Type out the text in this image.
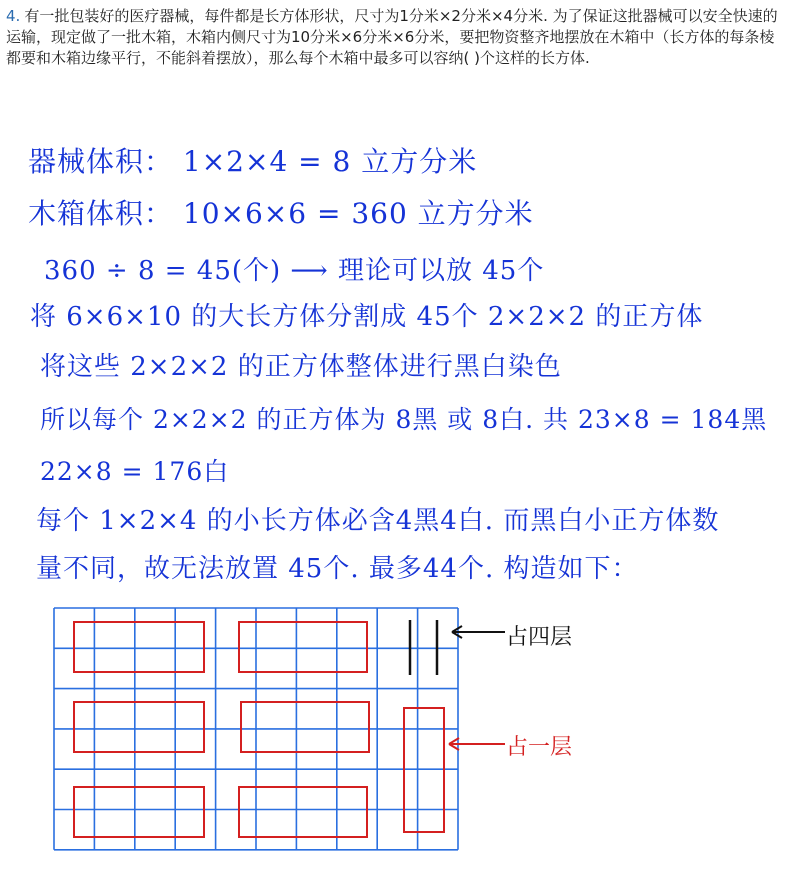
4. 有一批包装好的医疗器械，每件都是长方体形状，尺寸为1分米×2分米×4分米. 为了保证这批器械可以安全快速的运输，现定做了一批木箱，木箱内侧尺寸为10分米×6分米×6分米，要把物资整齐地摆放在木箱中（长方体的每条棱都要和木箱边缘平行，不能斜着摆放），那么每个木箱中最多可以容纳( )个这样的长方体.
器械体积： 1×2×4 = 8 立方分米
木箱体积： 10×6×6 = 360 立方分米
360 ÷ 8 = 45(个) ⟶ 理论可以放 45个
将 6×6×10 的大长方体分割成 45个 2×2×2 的正方体
将这些 2×2×2 的正方体整体进行黑白染色
所以每个 2×2×2 的正方体为 8黑 或 8白. 共 23×8 = 184黑
22×8 = 176白
每个 1×2×4 的小长方体必含4黑4白. 而黑白小正方体数
量不同，故无法放置 45个. 最多44个. 构造如下：
占四层
占一层
